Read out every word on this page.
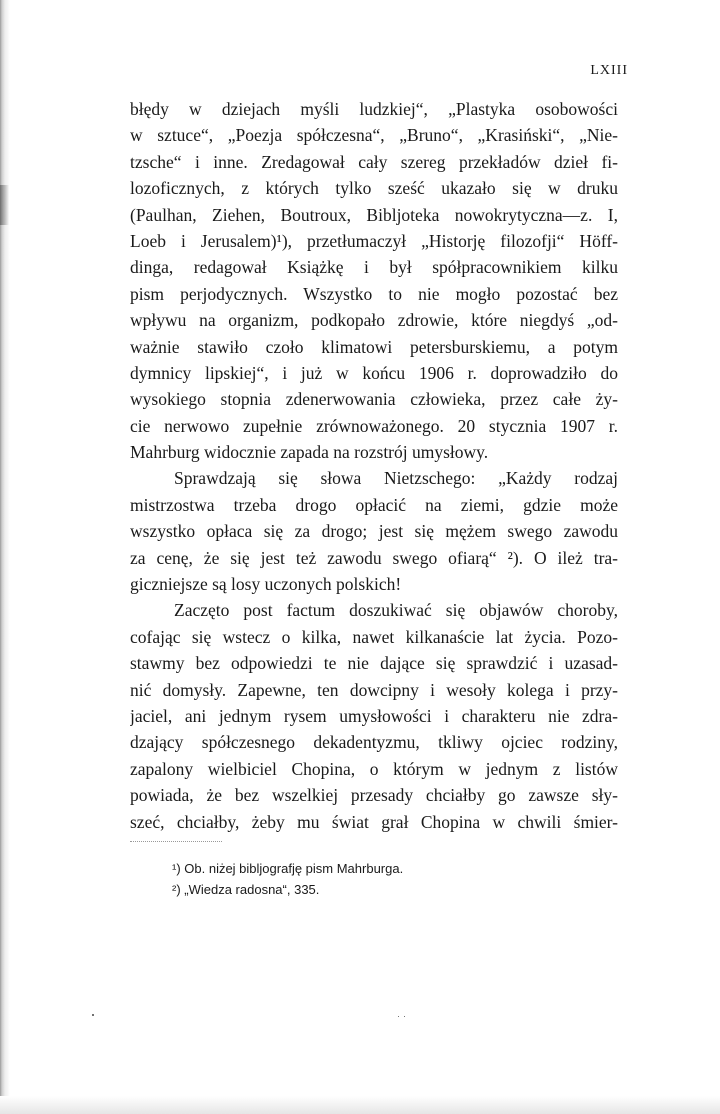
LXIII
błędy w dziejach myśli ludzkiej“, „Plastyka osobowości
w sztuce“, „Poezja spółczesna“, „Bruno“, „Krasiński“, „Nie-
tzsche“ i inne. Zredagował cały szereg przekładów dzieł fi-
lozoficznych, z których tylko sześć ukazało się w druku
(Paulhan, Ziehen, Boutroux, Bibljoteka nowokrytyczna—z. I,
Loeb i Jerusalem)¹), przetłumaczył „Historję filozofji“ Höff-
dinga, redagował Książkę i był spółpracownikiem kilku
pism perjodycznych. Wszystko to nie mogło pozostać bez
wpływu na organizm, podkopało zdrowie, które niegdyś „od-
ważnie stawiło czoło klimatowi petersburskiemu, a potym
dymnicy lipskiej“, i już w końcu 1906 r. doprowadziło do
wysokiego stopnia zdenerwowania człowieka, przez całe ży-
cie nerwowo zupełnie zrównoważonego. 20 stycznia 1907 r.
Mahrburg widocznie zapada na rozstrój umysłowy.
Sprawdzają się słowa Nietzschego: „Każdy rodzaj
mistrzostwa trzeba drogo opłacić na ziemi, gdzie może
wszystko opłaca się za drogo; jest się mężem swego zawodu
za cenę, że się jest też zawodu swego ofiarą“ ²). O ileż tra-
giczniejsze są losy uczonych polskich!
Zaczęto post factum doszukiwać się objawów choroby,
cofając się wstecz o kilka, nawet kilkanaście lat życia. Pozo-
stawmy bez odpowiedzi te nie dające się sprawdzić i uzasad-
nić domysły. Zapewne, ten dowcipny i wesoły kolega i przy-
jaciel, ani jednym rysem umysłowości i charakteru nie zdra-
dzający spółczesnego dekadentyzmu, tkliwy ojciec rodziny,
zapalony wielbiciel Chopina, o którym w jednym z listów
powiada, że bez wszelkiej przesady chciałby go zawsze sły-
szeć, chciałby, żeby mu świat grał Chopina w chwili śmier-
¹) Ob. niżej bibljografję pism Mahrburga.
²) „Wiedza radosna“, 335.
